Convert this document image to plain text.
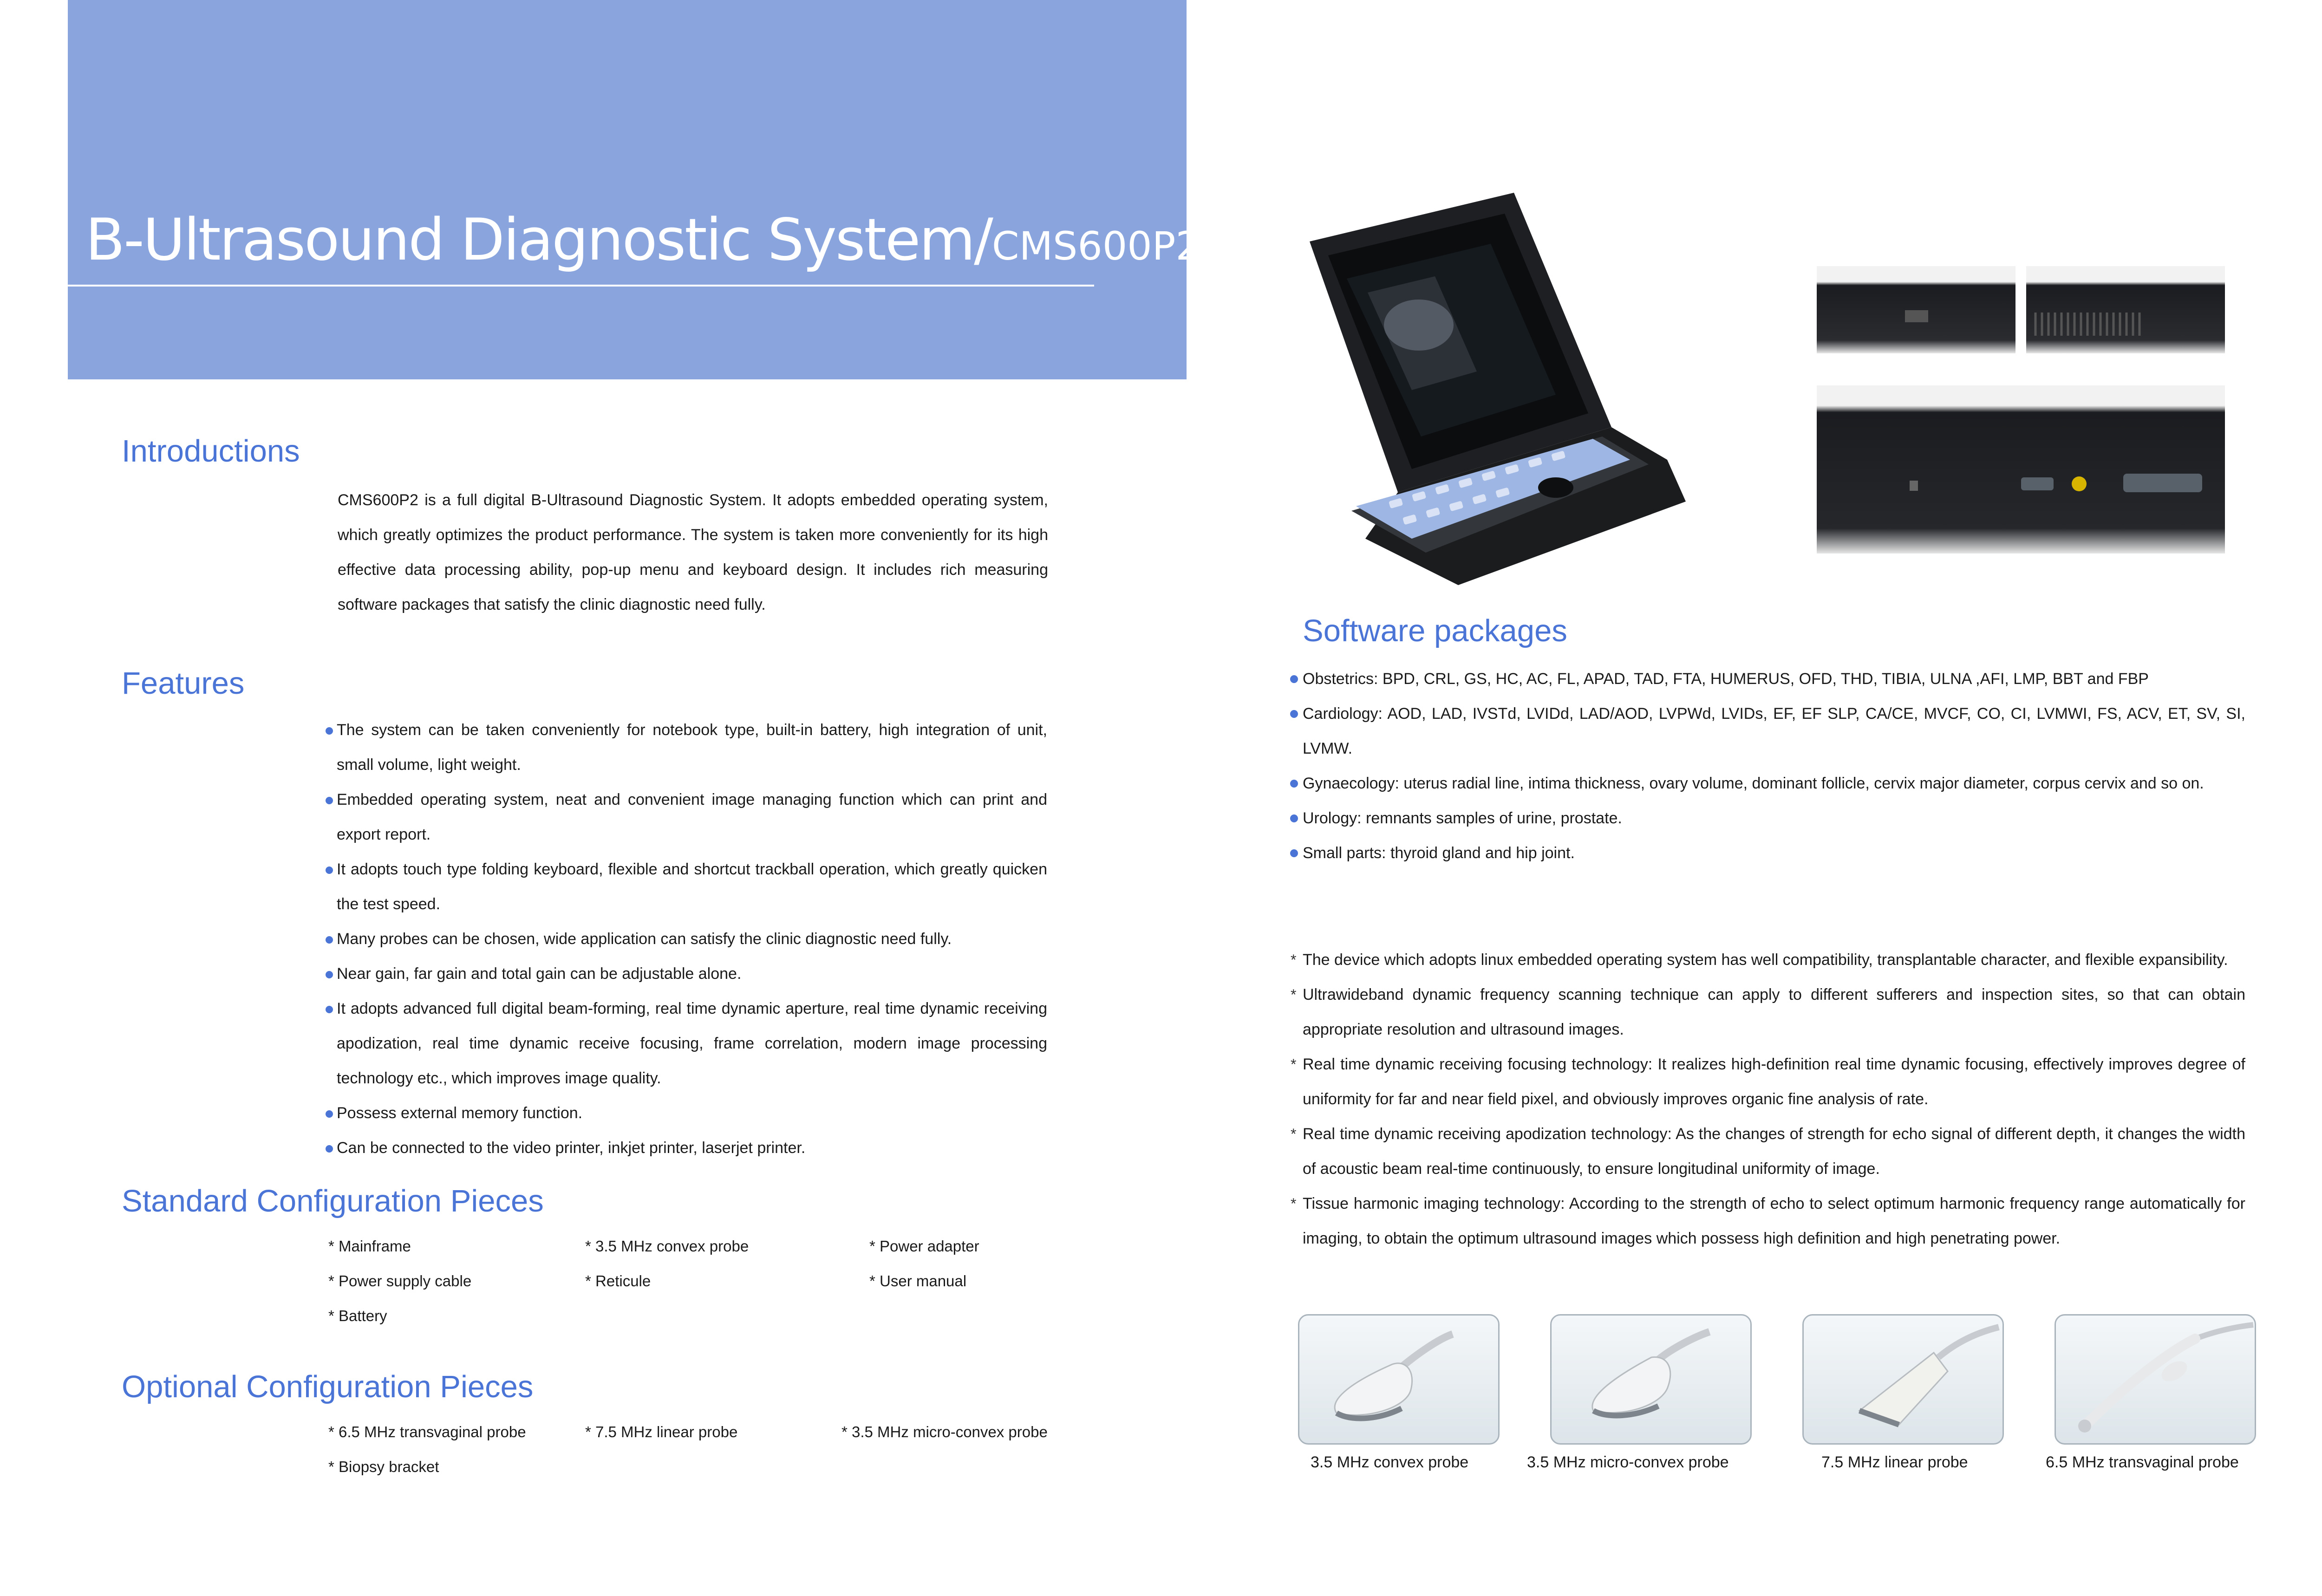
B-Ultrasound Diagnostic System/CMS600P2
Introductions

CMS600P2 is a full digital B-Ultrasound Diagnostic System. It adopts embedded operating system, which greatly optimizes the product performance. The system is taken more conveniently for its high effective data processing ability, pop-up menu and keyboard design. It includes rich measuring software packages that satisfy the clinic diagnostic need fully.

Features
The system can be taken conveniently for notebook type, built-in battery, high integration of unit, small volume, light weight.
Embedded operating system, neat and convenient image managing function which can print and export report.
It adopts touch type folding keyboard, flexible and shortcut trackball operation, which greatly quicken the test speed.
Many probes can be chosen, wide application can satisfy the clinic diagnostic need fully.
Near gain, far gain and total gain can be adjustable alone.
It adopts advanced full digital beam-forming, real time dynamic aperture, real time dynamic receiving apodization, real time dynamic receive focusing, frame correlation, modern image processing technology etc., which improves image quality.
Possess external memory function.
Can be connected to the video printer, inkjet printer, laserjet printer.
Standard Configuration Pieces
* Mainframe	* 3.5 MHz convex probe	* Power adapter
* Power supply cable	* Reticule	* User manual
* Battery
Optional Configuration Pieces
* 6.5 MHz transvaginal probe	* 7.5 MHz linear probe	* 3.5 MHz micro-convex probe
* Biopsy bracket
Software packages
Obstetrics: BPD, CRL, GS, HC, AC, FL, APAD, TAD, FTA, HUMERUS, OFD, THD, TIBIA, ULNA ,AFI, LMP, BBT and FBP
Cardiology: AOD, LAD, IVSTd, LVIDd, LAD/AOD, LVPWd, LVIDs, EF, EF SLP, CA/CE, MVCF, CO, CI, LVMWI, FS, ACV, ET, SV, SI, LVMW.
Gynaecology: uterus radial line, intima thickness, ovary volume, dominant follicle, cervix major diameter, corpus cervix and so on.
Urology: remnants samples of urine, prostate.
Small parts: thyroid gland and hip joint.
* The device which adopts linux embedded operating system has well compatibility, transplantable character, and flexible expansibility.
* Ultrawideband dynamic frequency scanning technique can apply to different sufferers and inspection sites, so that can obtain appropriate resolution and ultrasound images.
* Real time dynamic receiving focusing technology: It realizes high-definition real time dynamic focusing, effectively improves degree of uniformity for far and near field pixel, and obviously improves organic fine analysis of rate.
* Real time dynamic receiving apodization technology: As the changes of strength for echo signal of different depth, it changes the width of acoustic beam real-time continuously, to ensure longitudinal uniformity of image.
* Tissue harmonic imaging technology: According to the strength of echo to select optimum harmonic frequency range automatically for imaging, to obtain the optimum ultrasound images which possess high definition and high penetrating power.
3.5 MHz convex probe	3.5 MHz micro-convex probe	7.5 MHz linear probe	6.5 MHz transvaginal probe
